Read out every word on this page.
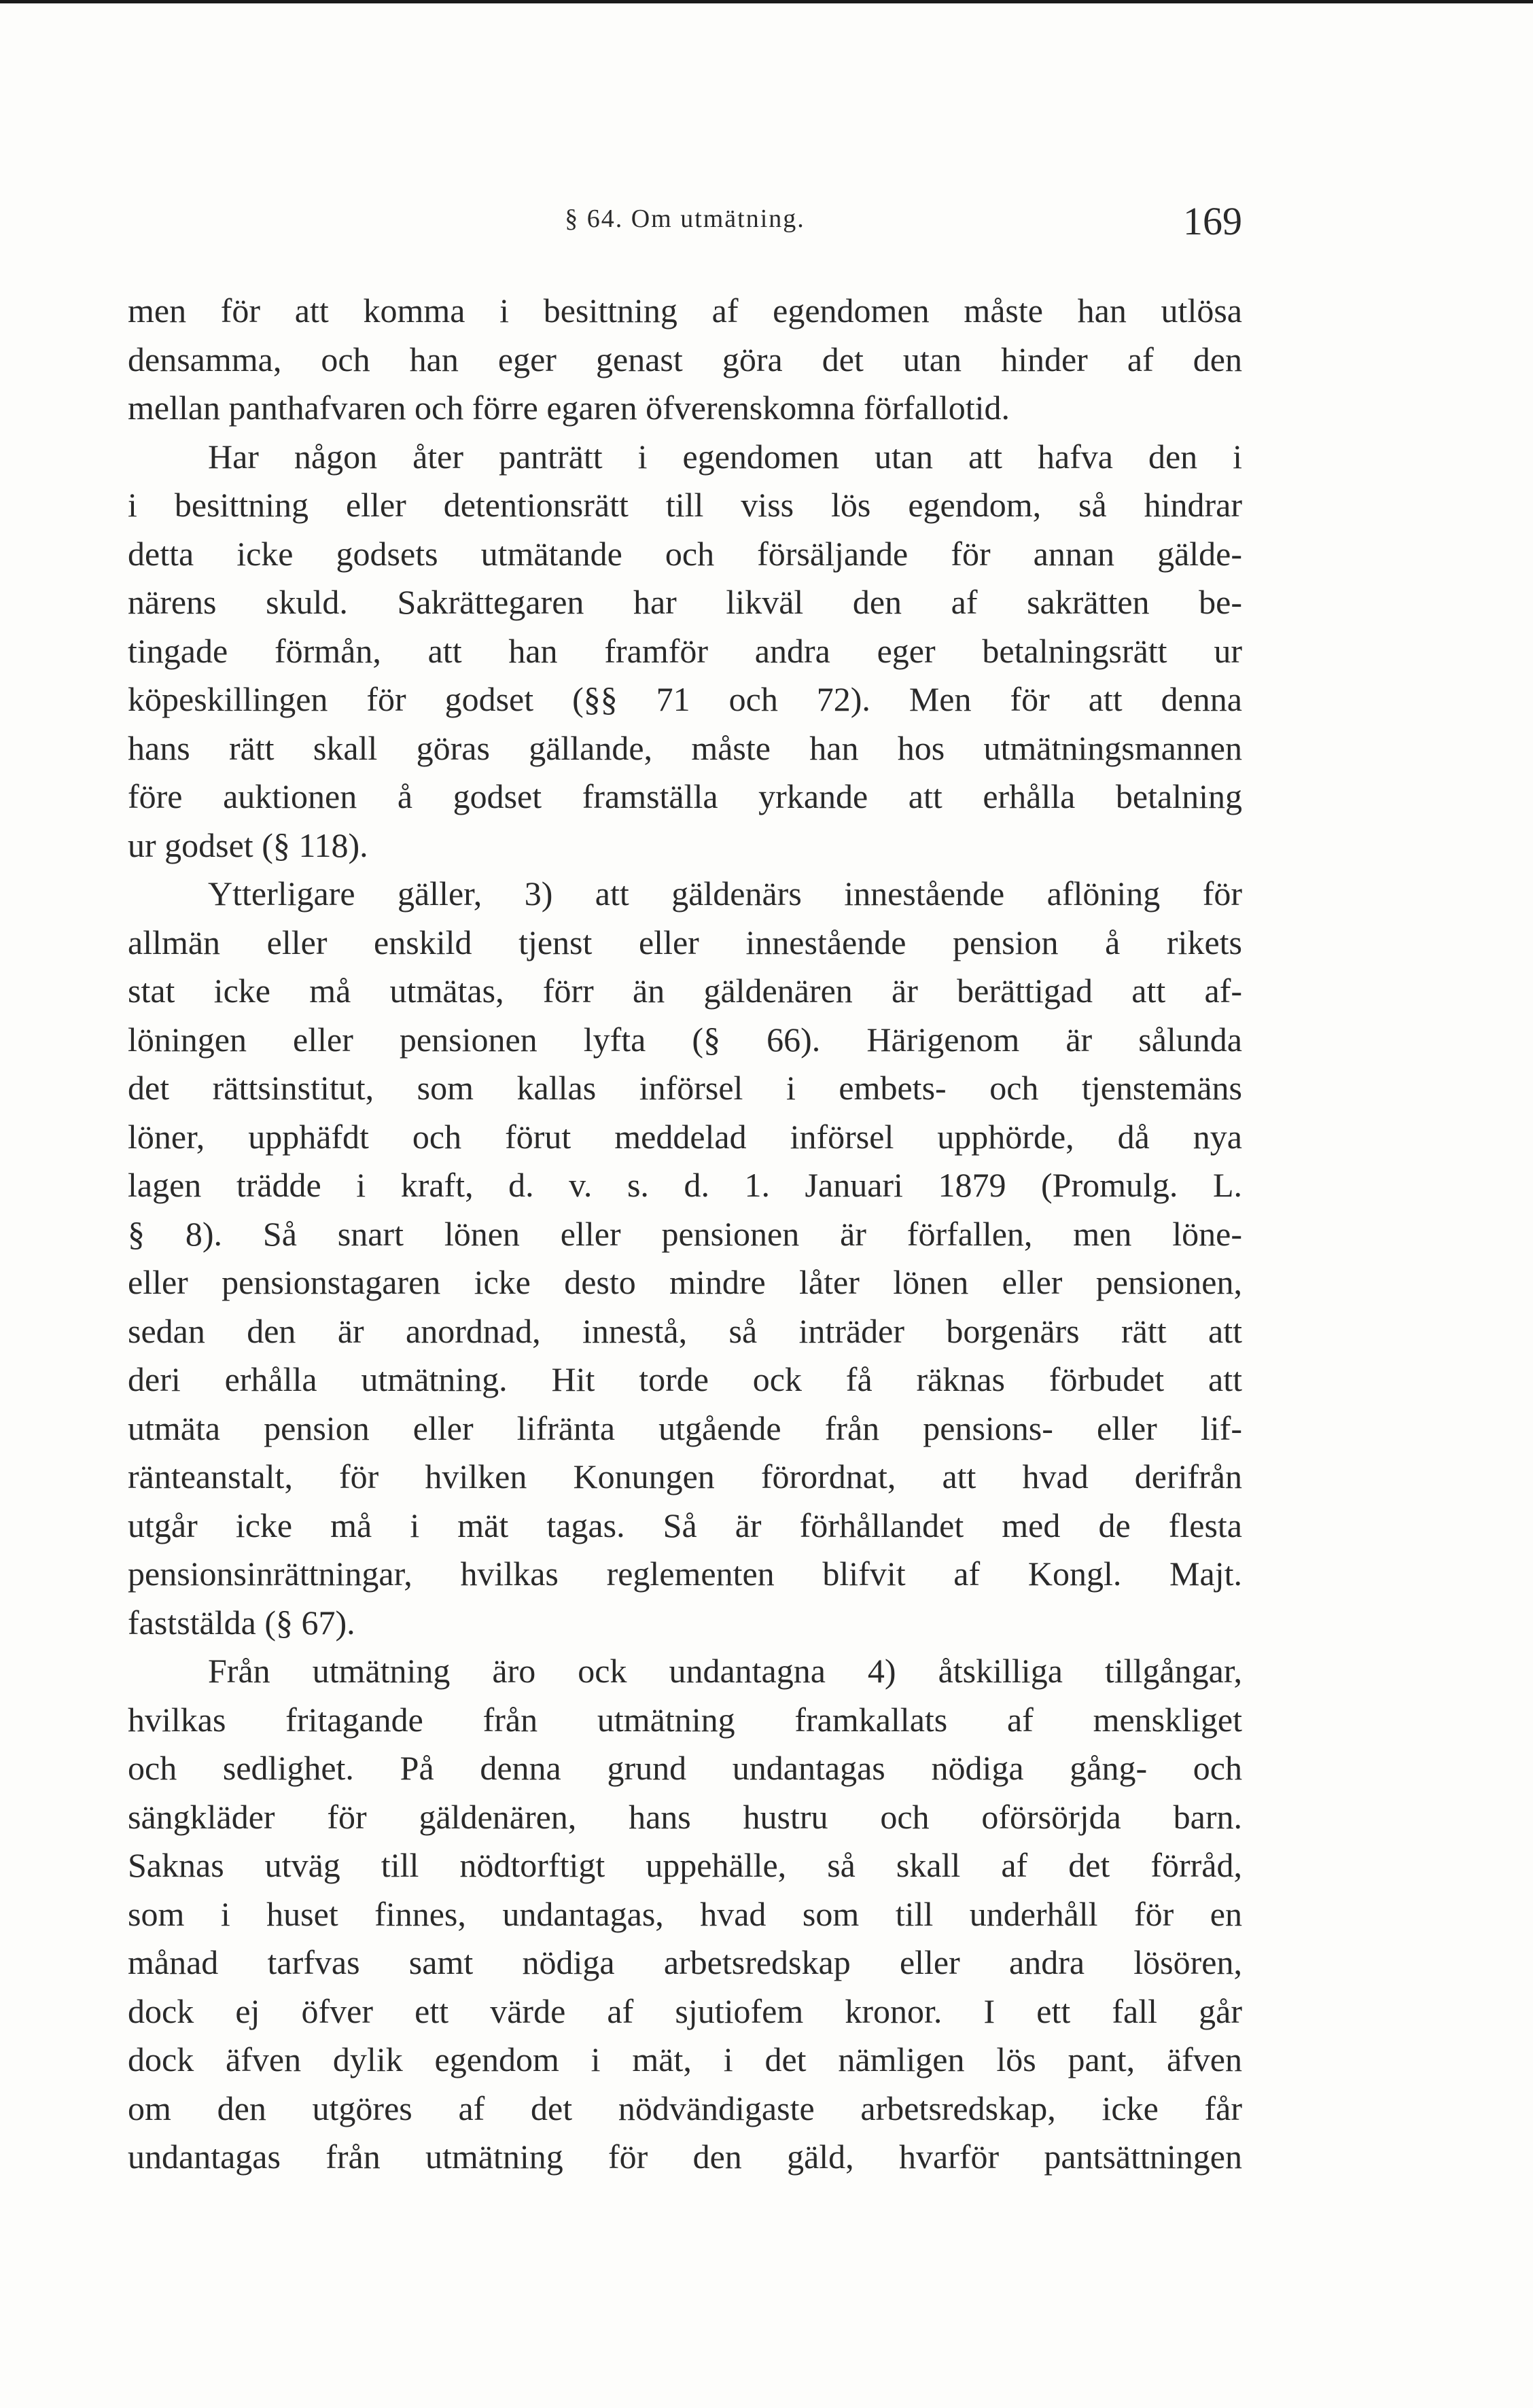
§ 64. Om utmätning.	169
men för att komma i besittning af egendomen måste han utlösa
densamma, och han eger genast göra det utan hinder af den
mellan panthafvaren och förre egaren öfverenskomna förfallotid.
Har någon åter panträtt i egendomen utan att hafva den i
i besittning eller detentionsrätt till viss lös egendom, så hindrar
detta icke godsets utmätande och försäljande för annan gälde-
närens skuld. Sakrättegaren har likväl den af sakrätten be-
tingade förmån, att han framför andra eger betalningsrätt ur
köpeskillingen för godset (§§ 71 och 72). Men för att denna
hans rätt skall göras gällande, måste han hos utmätningsmannen
före auktionen å godset framställa yrkande att erhålla betalning
ur godset (§ 118).
Ytterligare gäller, 3) att gäldenärs innestående aflöning för
allmän eller enskild tjenst eller innestående pension å rikets
stat icke må utmätas, förr än gäldenären är berättigad att af-
löningen eller pensionen lyfta (§ 66). Härigenom är sålunda
det rättsinstitut, som kallas införsel i embets- och tjenstemäns
löner, upphäfdt och förut meddelad införsel upphörde, då nya
lagen trädde i kraft, d. v. s. d. 1. Januari 1879 (Promulg. L.
§ 8). Så snart lönen eller pensionen är förfallen, men löne-
eller pensionstagaren icke desto mindre låter lönen eller pensionen,
sedan den är anordnad, innestå, så inträder borgenärs rätt att
deri erhålla utmätning. Hit torde ock få räknas förbudet att
utmäta pension eller lifränta utgående från pensions- eller lif-
ränteanstalt, för hvilken Konungen förordnat, att hvad derifrån
utgår icke må i mät tagas. Så är förhållandet med de flesta
pensionsinrättningar, hvilkas reglementen blifvit af Kongl. Majt.
faststälda (§ 67).
Från utmätning äro ock undantagna 4) åtskilliga tillgångar,
hvilkas fritagande från utmätning framkallats af menskliget
och sedlighet. På denna grund undantagas nödiga gång- och
sängkläder för gäldenären, hans hustru och oförsörjda barn.
Saknas utväg till nödtorftigt uppehälle, så skall af det förråd,
som i huset finnes, undantagas, hvad som till underhåll för en
månad tarfvas samt nödiga arbetsredskap eller andra lösören,
dock ej öfver ett värde af sjutiofem kronor. I ett fall går
dock äfven dylik egendom i mät, i det nämligen lös pant, äfven
om den utgöres af det nödvändigaste arbetsredskap, icke får
undantagas från utmätning för den gäld, hvarför pantsättningen
